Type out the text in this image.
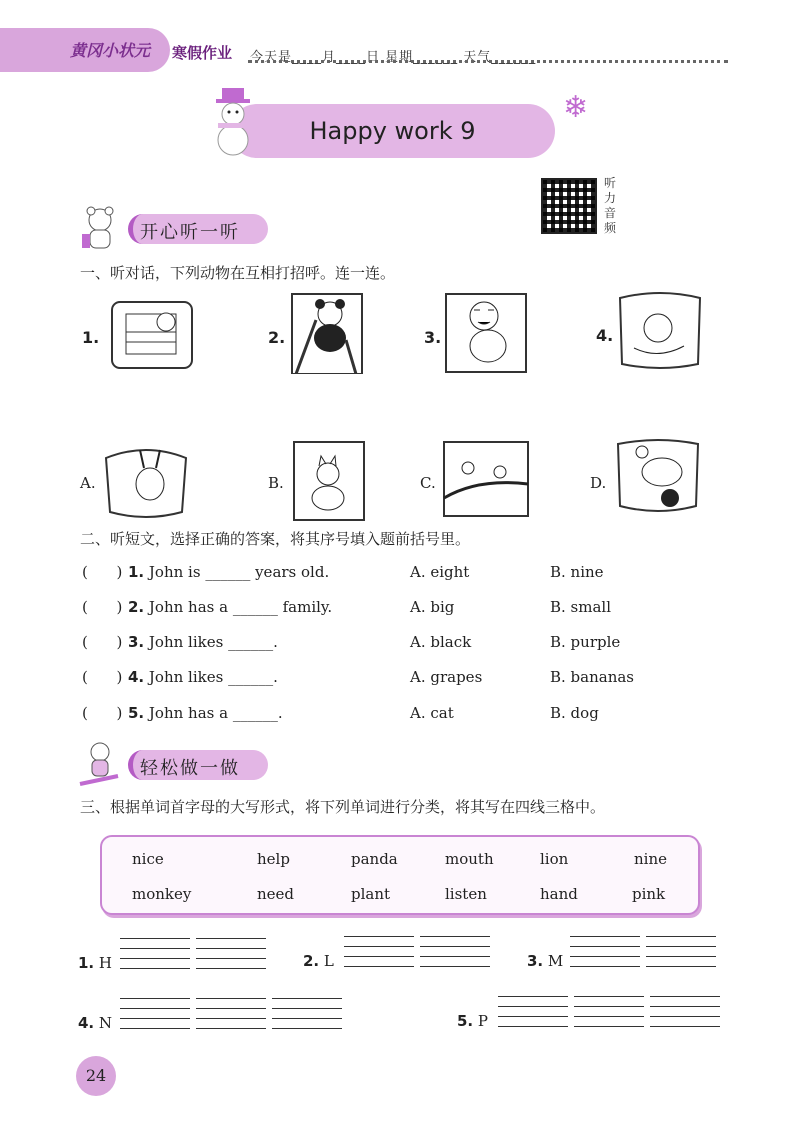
黄冈小状元 寒假作业 今天是____月____日 星期______ 天气______
Happy work 9
❄
听力音频
开心听一听
一、听对话，下列动物在互相打招呼。连一连。
1.	2.	3.	4.
A.	B.	C.	D.
二、听短文，选择正确的答案，将其序号填入题前括号里。
(      ) 1. John is ______ years old.	A. eight	B. nine
(      ) 2. John has a ______ family.	A. big	B. small
(      ) 3. John likes ______.	A. black	B. purple
(      ) 4. John likes ______.	A. grapes	B. bananas
(      ) 5. John has a ______.	A. cat	B. dog
轻松做一做
三、根据单词首字母的大写形式，将下列单词进行分类，将其写在四线三格中。
nice	help	panda	mouth	lion	nine
monkey	need	plant	listen	hand	pink
1. H	2. L	3. M
4. N	5. P
24
